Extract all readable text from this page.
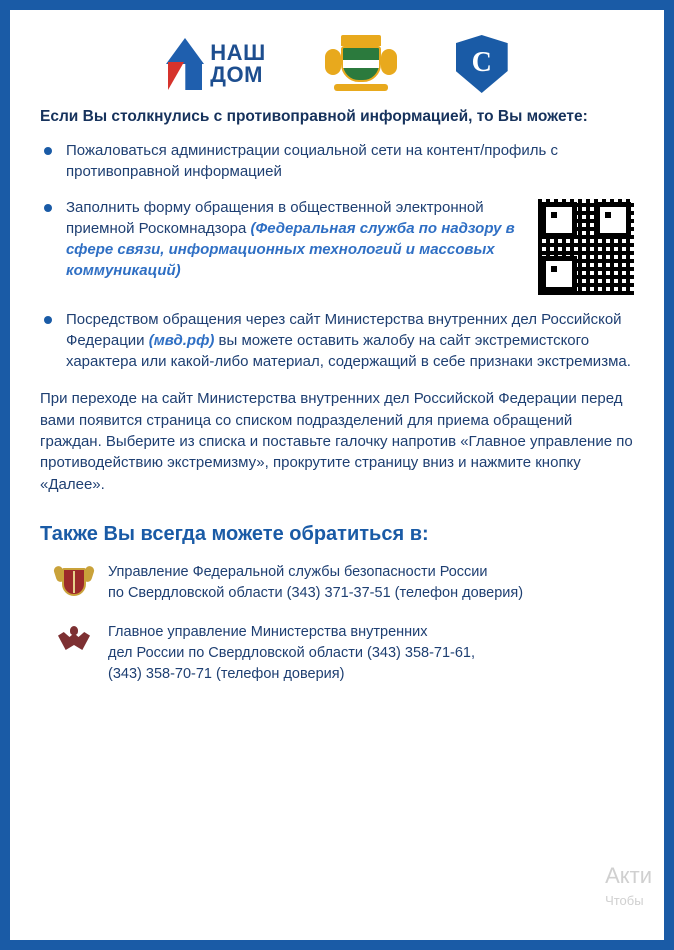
НАШ
ДОМ	С
Если Вы столкнулись с противоправной информацией, то Вы можете:
Пожаловаться администрации социальной сети на контент/профиль с противоправной информацией
Заполнить форму обращения в общественной электронной приемной Роскомнадзора (Федеральная служба по надзору в сфере связи, информационных технологий и массовых коммуникаций)
Посредством обращения через сайт Министерства внутренних дел Российской Федерации (мвд.рф) вы можете оставить жалобу на сайт экстремистского характера или какой-либо материал, содержащий в себе признаки экстремизма.

При переходе на сайт Министерства внутренних дел Российской Федерации перед вами появится страница со списком подразделений для приема обращений граждан. Выберите из списка и поставьте галочку напротив «Главное управление по противодействию экстремизму», прокрутите страницу вниз и нажмите кнопку «Далее».

Также Вы всегда можете обратиться в:
Управление Федеральной службы безопасности России
по Свердловской области (343) 371-37-51 (телефон доверия)
Главное управление Министерства внутренних
дел России по Свердловской области (343) 358-71-61,
(343) 358-70-71 (телефон доверия)
Акти
Чтобы
